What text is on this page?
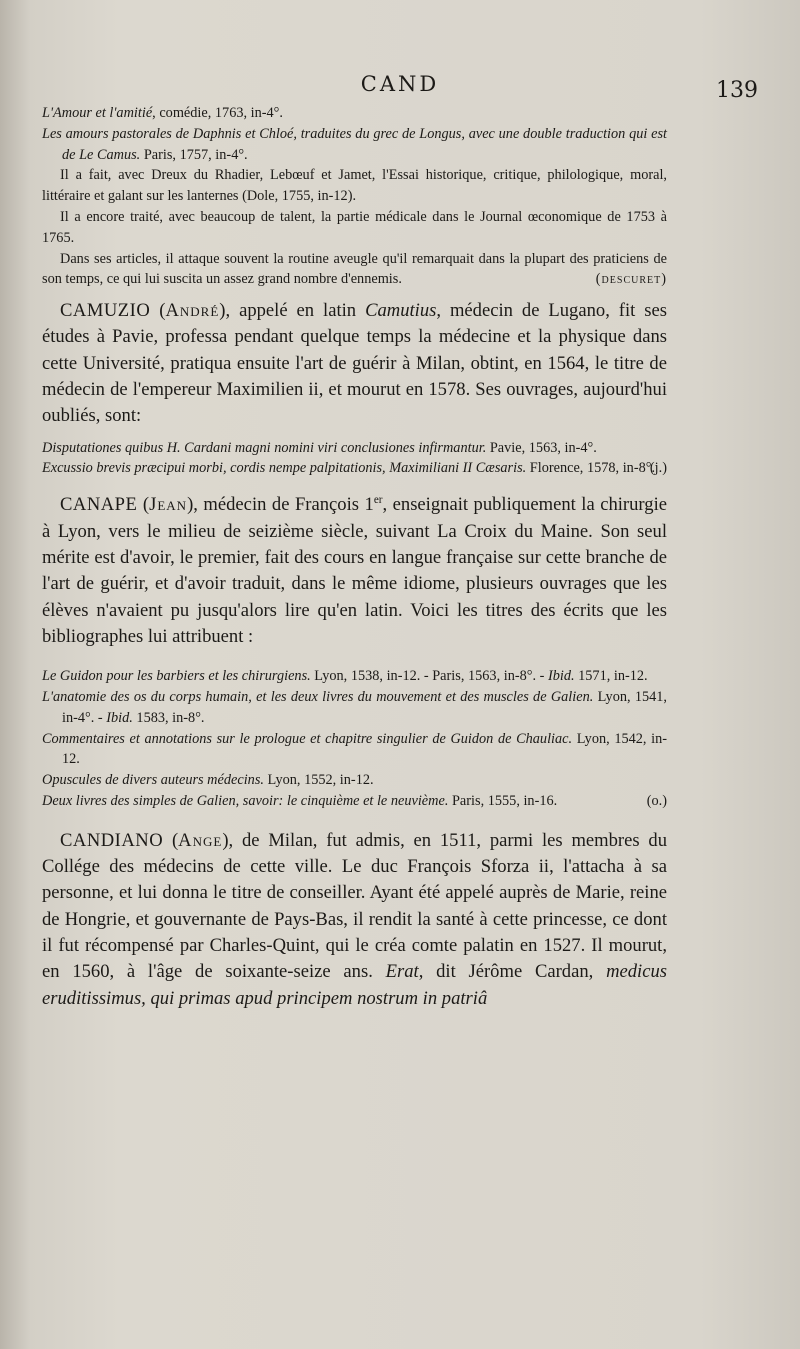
CAND	139

L'Amour et l'amitié, comédie, 1763, in-4°.

Les amours pastorales de Daphnis et Chloé, traduites du grec de Longus, avec une double traduction qui est de Le Camus. Paris, 1757, in-4°.

Il a fait, avec Dreux du Rhadier, Lebœuf et Jamet, l'Essai historique, critique, philologique, moral, littéraire et galant sur les lanternes (Dole, 1755, in-12).

Il a encore traité, avec beaucoup de talent, la partie médicale dans le Journal œconomique de 1753 à 1765.

Dans ses articles, il attaque souvent la routine aveugle qu'il remarquait dans la plupart des praticiens de son temps, ce qui lui suscita un assez grand nombre d'ennemis.	(descuret)

CAMUZIO (André), appelé en latin Camutius, médecin de Lugano, fit ses études à Pavie, professa pendant quelque temps la médecine et la physique dans cette Université, pratiqua ensuite l'art de guérir à Milan, obtint, en 1564, le titre de médecin de l'empereur Maximilien ii, et mourut en 1578. Ses ouvrages, aujourd'hui oubliés, sont:

Disputationes quibus H. Cardani magni nomini viri conclusiones infirmantur. Pavie, 1563, in-4°.

Excussio brevis præcipui morbi, cordis nempe palpitationis, Maximiliani II Cæsaris. Florence, 1578, in-8°.

(j.)

CANAPE (Jean), médecin de François 1er, enseignait publiquement la chirurgie à Lyon, vers le milieu de seizième siècle, suivant La Croix du Maine. Son seul mérite est d'avoir, le premier, fait des cours en langue française sur cette branche de l'art de guérir, et d'avoir traduit, dans le même idiome, plusieurs ouvrages que les élèves n'avaient pu jusqu'alors lire qu'en latin. Voici les titres des écrits que les bibliographes lui attribuent :

Le Guidon pour les barbiers et les chirurgiens. Lyon, 1538, in-12. - Paris, 1563, in-8°. - Ibid. 1571, in-12.

L'anatomie des os du corps humain, et les deux livres du mouvement et des muscles de Galien. Lyon, 1541, in-4°. - Ibid. 1583, in-8°.

Commentaires et annotations sur le prologue et chapitre singulier de Guidon de Chauliac. Lyon, 1542, in-12.

Opuscules de divers auteurs médecins. Lyon, 1552, in-12.

Deux livres des simples de Galien, savoir: le cinquième et le neuvième. Paris, 1555, in-16.	(o.)

CANDIANO (Ange), de Milan, fut admis, en 1511, parmi les membres du Collége des médecins de cette ville. Le duc François Sforza ii, l'attacha à sa personne, et lui donna le titre de conseiller. Ayant été appelé auprès de Marie, reine de Hongrie, et gouvernante de Pays-Bas, il rendit la santé à cette princesse, ce dont il fut récompensé par Charles-Quint, qui le créa comte palatin en 1527. Il mourut, en 1560, à l'âge de soixante-seize ans. Erat, dit Jérôme Cardan, medicus eruditissimus, qui primas apud principem nostrum in patriâ
